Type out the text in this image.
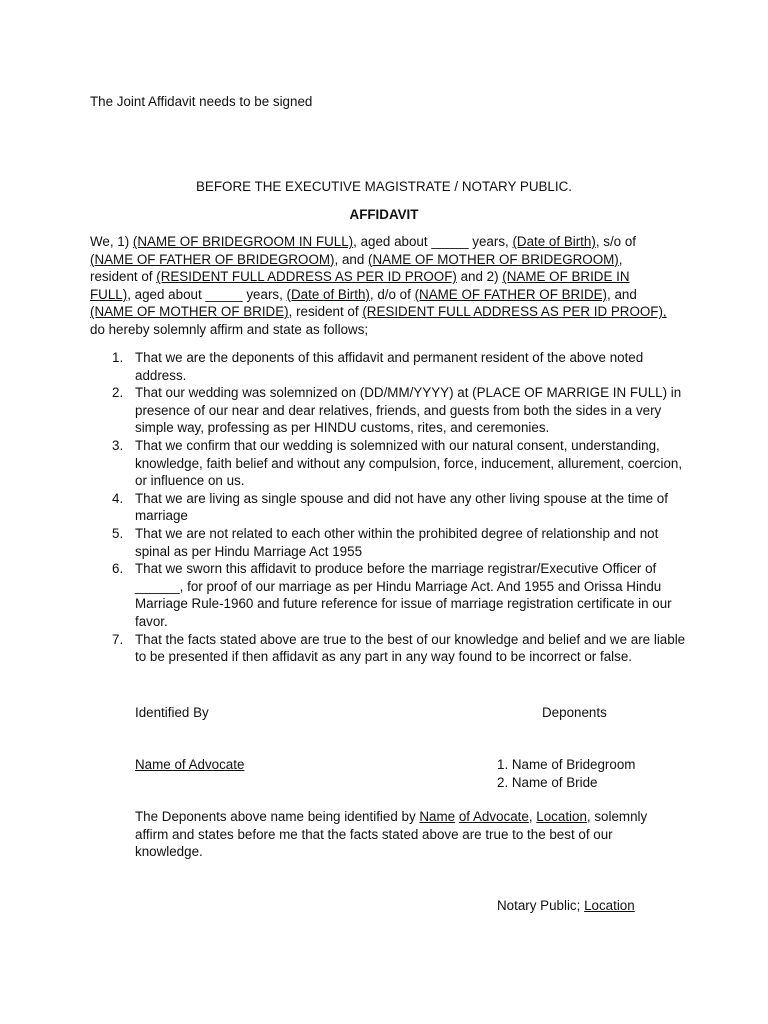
The Joint Affidavit needs to be signed
BEFORE THE EXECUTIVE MAGISTRATE / NOTARY PUBLIC.
AFFIDAVIT
We, 1) (NAME OF BRIDEGROOM IN FULL), aged about _____ years, (Date of Birth), s/o of (NAME OF FATHER OF BRIDEGROOM), and (NAME OF MOTHER OF BRIDEGROOM), resident of (RESIDENT FULL ADDRESS AS PER ID PROOF) and 2) (NAME OF BRIDE IN FULL), aged about _____ years, (Date of Birth), d/o of (NAME OF FATHER OF BRIDE), and (NAME OF MOTHER OF BRIDE), resident of (RESIDENT FULL ADDRESS AS PER ID PROOF), do hereby solemnly affirm and state as follows;
1. That we are the deponents of this affidavit and permanent resident of the above noted address.
2. That our wedding was solemnized on (DD/MM/YYYY) at (PLACE OF MARRIGE IN FULL) in presence of our near and dear relatives, friends, and guests from both the sides in a very simple way, professing as per HINDU customs, rites, and ceremonies.
3. That we confirm that our wedding is solemnized with our natural consent, understanding, knowledge, faith belief and without any compulsion, force, inducement, allurement, coercion, or influence on us.
4. That we are living as single spouse and did not have any other living spouse at the time of marriage
5. That we are not related to each other within the prohibited degree of relationship and not spinal as per Hindu Marriage Act 1955
6. That we sworn this affidavit to produce before the marriage registrar/Executive Officer of ______, for proof of our marriage as per Hindu Marriage Act. And 1955 and Orissa Hindu Marriage Rule-1960 and future reference for issue of marriage registration certificate in our favor.
7. That the facts stated above are true to the best of our knowledge and belief and we are liable to be presented if then affidavit as any part in any way found to be incorrect or false.
Identified By	Deponents
Name of Advocate	1. Name of Bridegroom
2. Name of Bride
The Deponents above name being identified by Name of Advocate, Location, solemnly affirm and states before me that the facts stated above are true to the best of our knowledge.
Notary Public; Location
